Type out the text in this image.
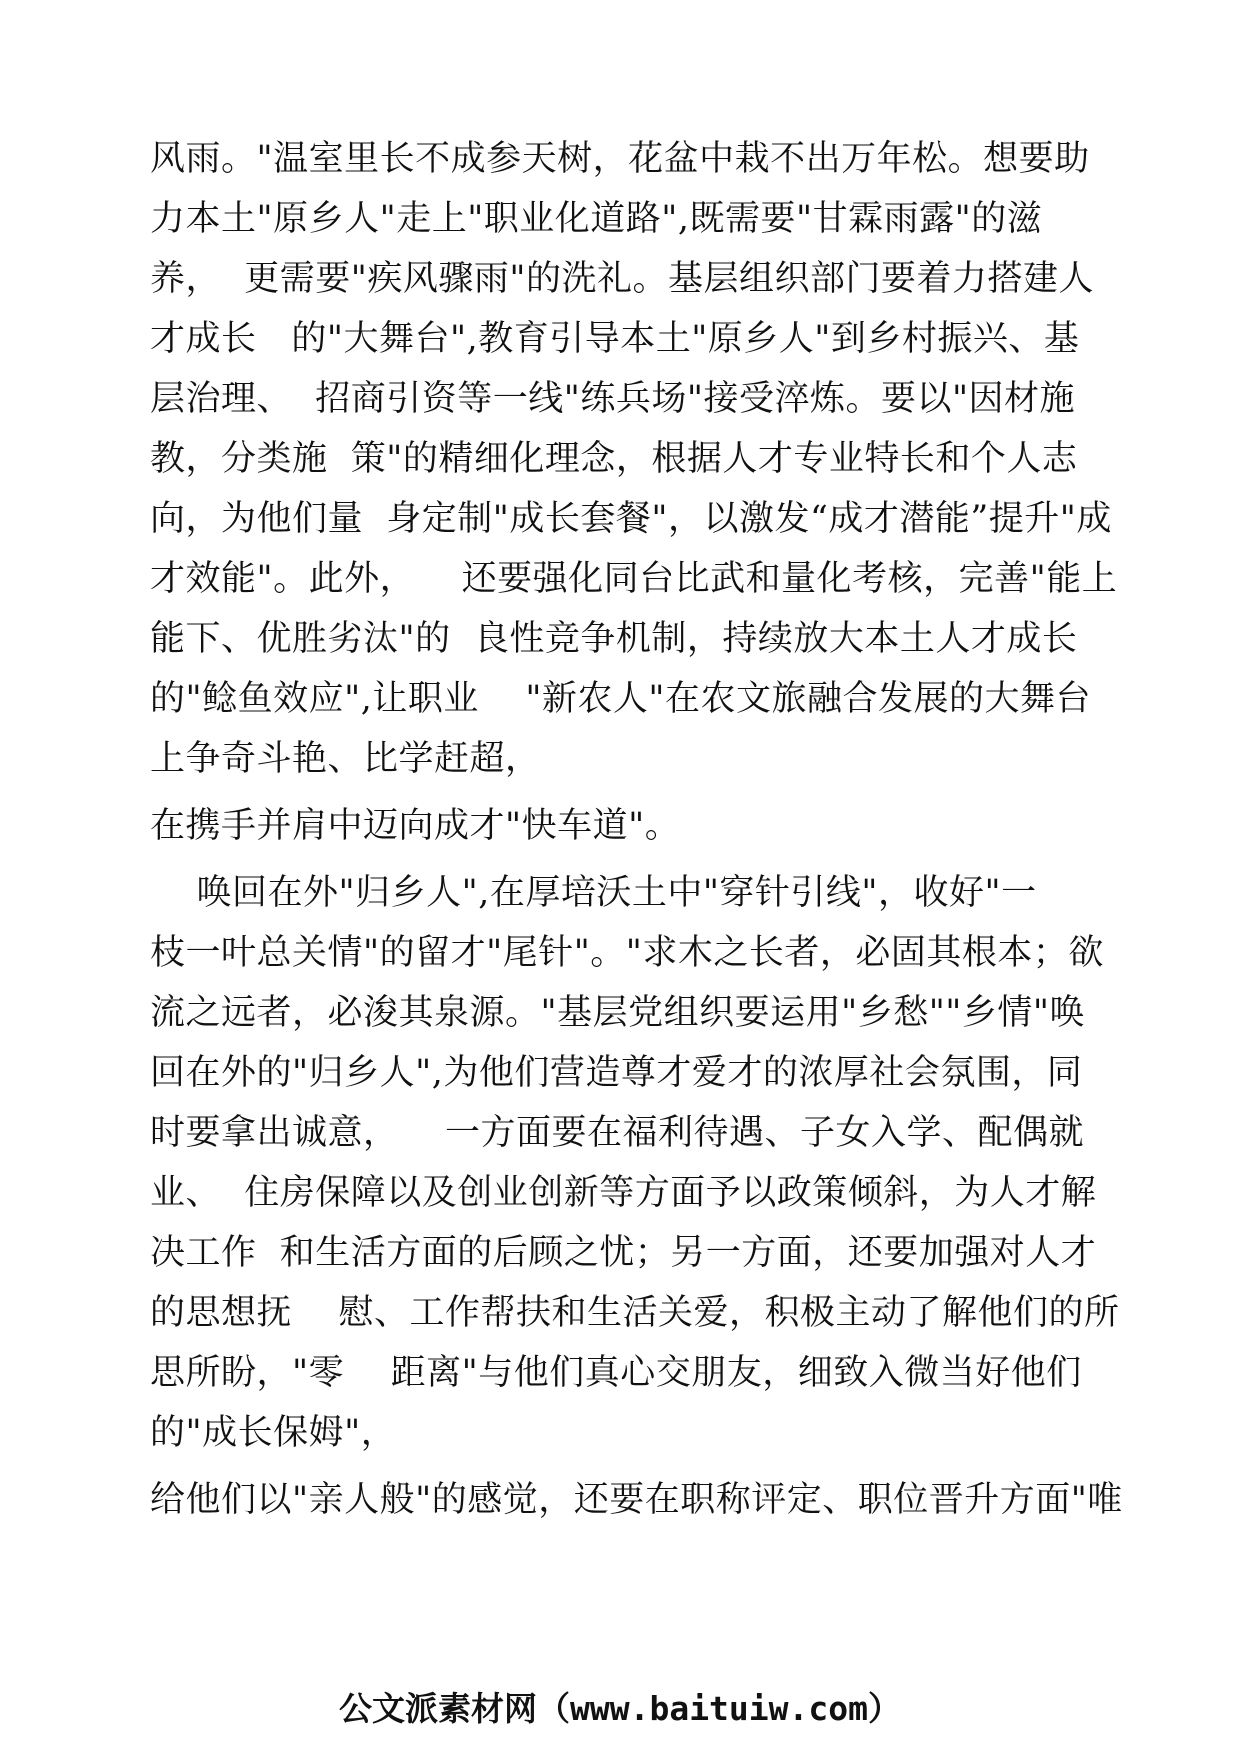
风雨。"温室里长不成参天树，花盆中栽不出万年松。想要助
力本土"原乡人"走上"职业化道路",既需要"甘霖雨露"的滋
养，  更需要"疾风骤雨"的洗礼。基层组织部门要着力搭建人
才成长   的"大舞台",教育引导本土"原乡人"到乡村振兴、基
层治理、  招商引资等一线"练兵场"接受淬炼。要以"因材施
教，分类施  策"的精细化理念，根据人才专业特长和个人志
向，为他们量  身定制"成长套餐"，以激发“成才潜能”提升"成
才效能"。此外，    还要强化同台比武和量化考核，完善"能上
能下、优胜劣汰"的  良性竞争机制，持续放大本土人才成长
的"鲶鱼效应",让职业    "新农人"在农文旅融合发展的大舞台
上争奇斗艳、比学赶超，
在携手并肩中迈向成才"快车道"。
唤回在外"归乡人",在厚培沃土中"穿针引线"，收好"一
枝一叶总关情"的留才"尾针"。"求木之长者，必固其根本；欲
流之远者，必浚其泉源。"基层党组织要运用"乡愁""乡情"唤
回在外的"归乡人",为他们营造尊才爱才的浓厚社会氛围，同
时要拿出诚意，    一方面要在福利待遇、子女入学、配偶就
业、  住房保障以及创业创新等方面予以政策倾斜，为人才解
决工作  和生活方面的后顾之忧；另一方面，还要加强对人才
的思想抚    慰、工作帮扶和生活关爱，积极主动了解他们的所
思所盼，"零    距离"与他们真心交朋友，细致入微当好他们
的"成长保姆"，
给他们以"亲人般"的感觉，还要在职称评定、职位晋升方面"唯
公文派素材网（www.baituiw.com）
